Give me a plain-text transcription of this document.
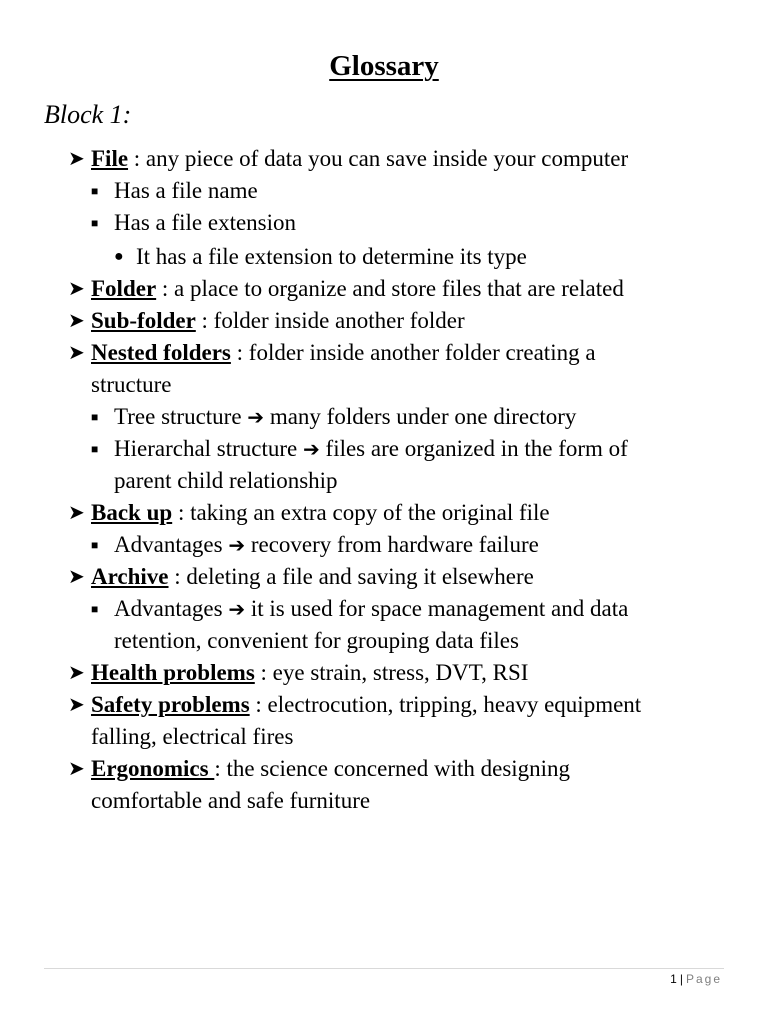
Glossary
Block 1:
➤ File : any piece of data you can save inside your computer
■ Has a file name
■ Has a file extension
● It has a file extension to determine its type
➤ Folder : a place to organize and store files that are related
➤ Sub-folder : folder inside another folder
➤ Nested folders : folder inside another folder creating a
structure
■ Tree structure ➔ many folders under one directory
■ Hierarchal structure ➔ files are organized in the form of
parent child relationship
➤ Back up : taking an extra copy of the original file
■ Advantages ➔ recovery from hardware failure
➤ Archive : deleting a file and saving it elsewhere
■ Advantages ➔ it is used for space management and data
retention, convenient for grouping data files
➤ Health problems : eye strain, stress, DVT, RSI
➤ Safety problems : electrocution, tripping, heavy equipment
falling, electrical fires
➤ Ergonomics : the science concerned with designing
comfortable and safe furniture
1 | Page
